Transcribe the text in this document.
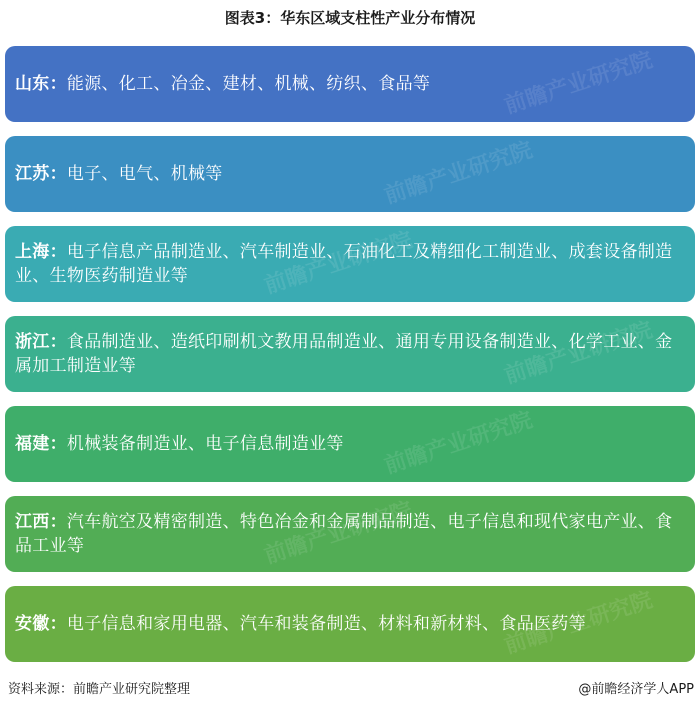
图表3：华东区域支柱性产业分布情况
山东：能源、化工、冶金、建材、机械、纺织、食品等	前瞻产业研究院
江苏：电子、电气、机械等	前瞻产业研究院
上海：电子信息产品制造业、汽车制造业、石油化工及精细化工制造业、成套设备制造业、生物医药制造业等	前瞻产业研究院
浙江：食品制造业、造纸印刷机文教用品制造业、通用专用设备制造业、化学工业、金属加工制造业等	前瞻产业研究院
福建：机械装备制造业、电子信息制造业等 前瞻产业研究院
江西：汽车航空及精密制造、特色冶金和金属制品制造、电子信息和现代家电产业、食品工业等	前瞻产业研究院
安徽：电子信息和家用电器、汽车和装备制造、材料和新材料、食品医药等
前瞻产业研究院
资料来源：前瞻产业研究院整理	@前瞻经济学人APP
